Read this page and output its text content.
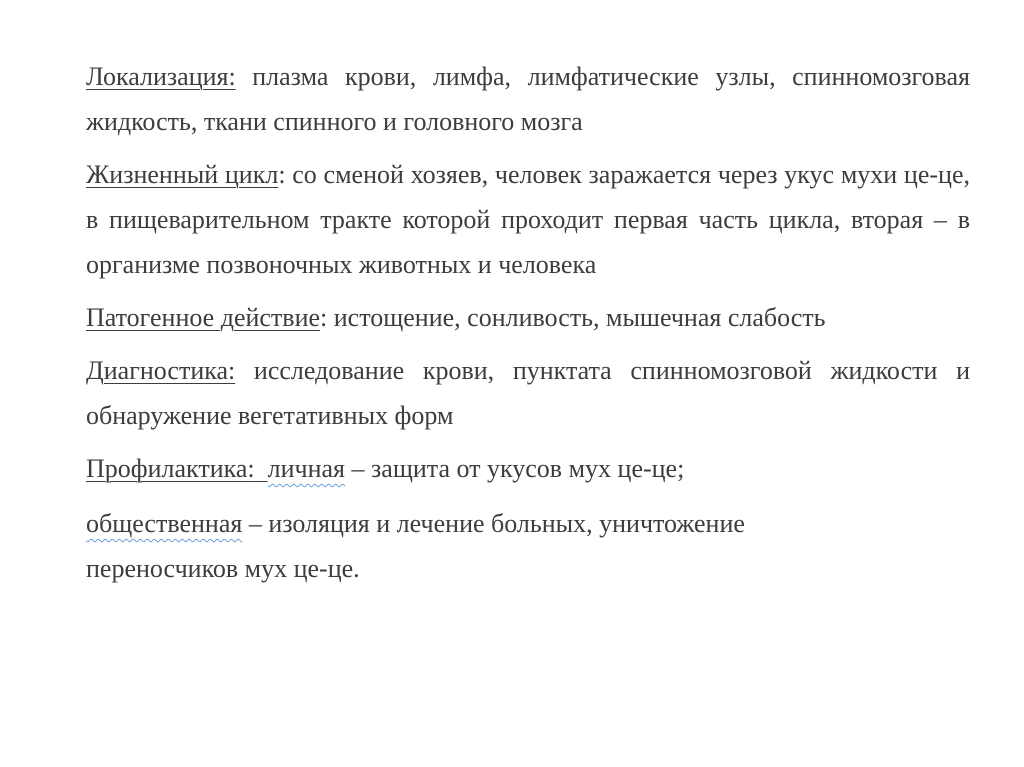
Локализация: плазма крови, лимфа, лимфатические узлы, спинномозговая жидкость, ткани спинного и головного мозга

Жизненный цикл: со сменой хозяев, человек заражается через укус мухи це-це, в пищеварительном тракте которой проходит первая часть цикла, вторая – в организме позвоночных животных и человека

Патогенное действие: истощение, сонливость, мышечная слабость

Диагностика: исследование крови, пунктата спинномозговой жидкости и обнаружение вегетативных форм

Профилактика: личная – защита от укусов мух це-це;

общественная – изоляция и лечение больных, уничтожение переносчиков мух це-це.
